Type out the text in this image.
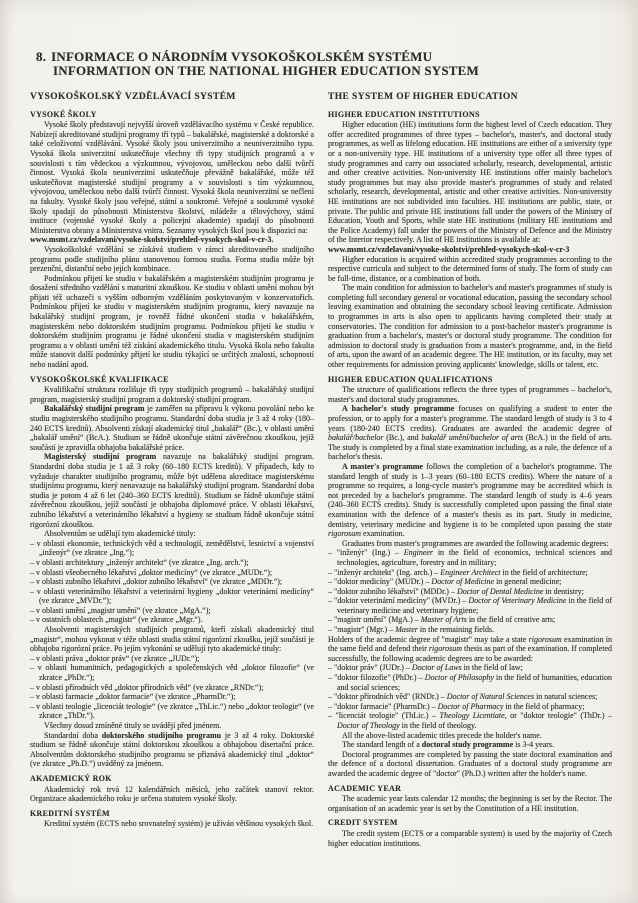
8. INFORMACE O NÁRODNÍM VYSOKOŠKOLSKÉM SYSTÉMU
INFORMATION ON THE NATIONAL HIGHER EDUCATION SYSTEM
VYSOKOŠKOLSKÝ VZDĚLÁVACÍ SYSTÉM
VYSOKÉ ŠKOLY
Vysoké školy představují nejvyšší úroveň vzdělávacího systému v České republice. Nabízejí akreditované studijní programy tří typů – bakalářské, magisterské a doktorské a také celoživotní vzdělávání. Vysoké školy jsou univerzitního a neuniverzitního typu. Vysoká škola univerzitní uskutečňuje všechny tři typy studijních programů a v souvislosti s tím vědeckou a výzkumnou, vývojovou, uměleckou nebo další tvůrčí činnost. Vysoká škola neuniverzitní uskutečňuje převážně bakalářské, může též uskutečňovat magisterské studijní programy a v souvislosti s tím výzkumnou, vývojovou, uměleckou nebo další tvůrčí činnost. Vysoká škola neuniverzitní se nečlení na fakulty. Vysoké školy jsou veřejné, státní a soukromé. Veřejné a soukromé vysoké školy spadají do působnosti Ministerstva školství, mládeže a tělovýchovy, státní instituce (vojenské vysoké školy a policejní akademie) spadají do působnosti Ministerstva obrany a Ministerstva vnitra. Seznamy vysokých škol jsou k dispozici na:
www.msmt.cz/vzdelavani/vysoke-skolstvi/prehled-vysokych-skol-v-cr-3.
Vysokoškolské vzdělání se získává studiem v rámci akreditovaného studijního programu podle studijního plánu stanovenou formou studia. Forma studia může být prezenční, distanční nebo jejich kombinace.
Podmínkou přijetí ke studiu v bakalářském a magisterském studijním programu je dosažení středního vzdělání s maturitní zkouškou. Ke studiu v oblasti umění mohou být přijati též uchazeči s vyšším odborným vzděláním poskytovaným v konzervatořích. Podmínkou přijetí ke studiu v magisterském studijním programu, který navazuje na bakalářský studijní program, je rovněž řádné ukončení studia v bakalářském, magisterském nebo doktorském studijním programu. Podmínkou přijetí ke studiu v doktorském studijním programu je řádné ukončení studia v magisterském studijním programu a v oblasti umění též získání akademického titulu. Vysoká škola nebo fakulta může stanovit další podmínky přijetí ke studiu týkající se určitých znalostí, schopností nebo nadání apod.
VYSOKOŠKOLSKÉ KVALIFIKACE
Kvalifikační struktura rozlišuje tři typy studijních programů – bakalářský studijní program, magisterský studijní program a doktorský studijní program.
Bakalářský studijní program je zaměřen na přípravu k výkonu povolání nebo ke studiu magisterského studijního programu. Standardní doba studia je 3 až 4 roky (180–240 ECTS kreditů). Absolventi získají akademický titul „bakalář“ (Bc.), v oblasti umění „bakalář umění“ (BcA.). Studium se řádně ukončuje státní závěrečnou zkouškou, jejíž součástí je zpravidla obhajoba bakalářské práce.
Magisterský studijní program navazuje na bakalářský studijní program. Standardní doba studia je 1 až 3 roky (60–180 ECTS kreditů). V případech, kdy to vyžaduje charakter studijního programu, může být udělena akreditace magisterskému studijnímu programu, který nenavazuje na bakalářský studijní program. Standardní doba studia je potom 4 až 6 let (240–360 ECTS kreditů). Studium se řádně ukončuje státní závěrečnou zkouškou, jejíž součástí je obhajoba diplomové práce. V oblasti lékařství, zubního lékařství a veterinárního lékařství a hygieny se studium řádně ukončuje státní rigorózní zkouškou.
Absolventům se udělují tyto akademické tituly:
– v oblasti ekonomie, technických věd a technologií, zemědělství, lesnictví a vojenství „inženýr“ (ve zkratce „Ing.“);
– v oblasti architektury „inženýr architekt“ (ve zkratce „Ing. arch.“);
– v oblasti všeobecného lékařství „doktor medicíny“ (ve zkratce „MUDr.“);
– v oblasti zubního lékařství „doktor zubního lékařství“ (ve zkratce „MDDr.“);
– v oblasti veterinárního lékařství a veterinární hygieny „doktor veterinární medicíny“ (ve zkratce „MVDr.“);
– v oblasti umění „magistr umění“ (ve zkratce „MgA.“);
– v ostatních oblastech „magistr“ (ve zkratce „Mgr.“).
Absolventi magisterských studijních programů, kteří získali akademický titul „magistr“, mohou vykonat v téže oblasti studia státní rigorózní zkoušku, jejíž součástí je obhajoba rigorózní práce. Po jejím vykonání se udělují tyto akademické tituly:
– v oblasti práva „doktor práv“ (ve zkratce „JUDr.“);
– v oblasti humanitních, pedagogických a společenských věd „doktor filozofie“ (ve zkratce „PhDr.“);
– v oblasti přírodních věd „doktor přírodních věd“ (ve zkratce „RNDr.“);
– v oblasti farmacie „doktor farmacie“ (ve zkratce „PharmDr.“);
– v oblasti teologie „licenciát teologie“ (ve zkratce „ThLic.“) nebo „doktor teologie“ (ve zkratce „ThDr.“).
Všechny dosud zmíněné tituly se uvádějí před jménem.
Standardní doba doktorského studijního programu je 3 až 4 roky. Doktorské studium se řádně ukončuje státní doktorskou zkouškou a obhajobou disertační práce. Absolventům doktorského studijního programu se přiznává akademický titul „doktor“ (ve zkratce „Ph.D.“) uváděný za jménem.
AKADEMICKÝ ROK
Akademický rok trvá 12 kalendářních měsíců, jeho začátek stanoví rektor. Organizace akademického roku je určena statutem vysoké školy.
KREDITNÍ SYSTÉM
Kreditní systém (ECTS nebo srovnatelný systém) je užíván většinou vysokých škol.
THE SYSTEM OF HIGHER EDUCATION
HIGHER EDUCATION INSTITUTIONS
Higher education (HE) institutions form the highest level of Czech education. They offer accredited programmes of three types – bachelor's, master's, and doctoral study programmes, as well as lifelong education. HE institutions are either of a university type or a non-university type. HE institutions of a university type offer all three types of study programmes and carry out associated scholarly, research, developmental, artistic and other creative activities. Non-university HE institutions offer mainly bachelor's study programmes but may also provide master's programmes of study and related scholarly, research, developmental, artistic and other creative activities. Non-university HE institutions are not subdivided into faculties. HE institutions are public, state, or private. The public and private HE institutions fall under the powers of the Ministry of Education, Youth and Sports, while state HE institutions (military HE institutions and the Police Academy) fall under the powers of the Ministry of Defence and the Ministry of the Interior respectively. A list of HE institutions is available at:
www.msmt.cz/vzdelavani/vysoke-skolstvi/prehled-vysokych-skol-v-cr-3
Higher education is acquired within accredited study programmes according to the respective curricula and subject to the determined form of study. The form of study can be full-time, distance, or a combination of both.
The main condition for admission to bachelor's and master's programmes of study is completing full secondary general or vocational education, passing the secondary school leaving examination and obtaining the secondary school leaving certificate. Admission to programmes in arts is also open to applicants having completed their study at conservatories. The condition for admission to a post-bachelor master's programme is graduation from a bachelor's, master's or doctoral study programme. The condition for admission to doctoral study is graduation from a master's programme, and, in the field of arts, upon the award of an academic degree. The HE institution, or its faculty, may set other requirements for admission proving applicants' knowledge, skills or talent, etc.
HIGHER EDUCATION QUALIFICATIONS
The structure of qualifications reflects the three types of programmes – bachelor's, master's and doctoral study programmes.
A bachelor's study programme focuses on qualifying a student to enter the profession, or to apply for a master's programme. The standard length of study is 3 to 4 years (180-240 ECTS credits). Graduates are awarded the academic degree of bakalář/bachelor (Bc.), and bakalář umění/bachelor of arts (BcA.) in the field of arts. The study is completed by a final state examination including, as a rule, the defence of a bachelor's thesis.
A master's programme follows the completion of a bachelor's programme. The standard length of study is 1–3 years (60–180 ECTS credits). Where the nature of a programme so requires, a long-cycle master's programme may be accredited which is not preceded by a bachelor's programme. The standard length of study is 4–6 years (240–360 ECTS credits). Study is successfully completed upon passing the final state examination with the defence of a master's thesis as its part. Study in medicine, dentistry, veterinary medicine and hygiene is to be completed upon passing the state rigorosum examination.
Graduates from master's programmes are awarded the following academic degrees:
– "inženýr" (Ing.) – Engineer in the field of economics, technical sciences and technologies, agriculture, forestry and in military;
– "inženýr architekt" (Ing. arch.) – Engineer Architect in the field of architecture;
– "doktor medicíny" (MUDr.) – Doctor of Medicine in general medicine;
– "doktor zubního lékařství" (MDDr.) – Doctor of Dental Medicine in dentistry;
– "doktor veterinární medicíny" (MVDr.) – Doctor of Veterinary Medicine in the field of veterinary medicine and veterinary hygiene;
– "magistr umění" (MgA.) – Master of Arts in the field of creative arts;
– "magistr" (Mgr.) – Master in the remaining fields.
Holders of the academic degree of "magistr" may take a state rigorosum examination in the same field and defend their rigorosum thesis as part of the examination. If completed successfully, the following academic degrees are to be awarded:
– "doktor práv" (JUDr.) – Doctor of Laws in the field of law;
– "doktor filozofie" (PhDr.) – Doctor of Philosophy in the field of humanities, education and social sciences;
– "doktor přírodních věd" (RNDr.) – Doctor of Natural Sciences in natural sciences;
– "doktor farmacie" (PharmDr.) – Doctor of Pharmacy in the field of pharmacy;
– "licenciát teologie" (ThLic.) – Theology Licentiate, or "doktor teologie" (ThDr.) – Doctor of Theology in the field of theology.
All the above-listed academic titles precede the holder's name.
The standard length of a doctoral study programme is 3-4 years.
Doctoral programmes are completed by passing the state doctoral examination and the defence of a doctoral dissertation. Graduates of a doctoral study programme are awarded the academic degree of "doctor" (Ph.D.) written after the holder's name.
ACADEMIC YEAR
The academic year lasts calendar 12 months; the beginning is set by the Rector. The organisation of an academic year is set by the Constitution of a HE institution.
CREDIT SYSTEM
The credit system (ECTS or a comparable system) is used by the majority of Czech higher education institutions.
